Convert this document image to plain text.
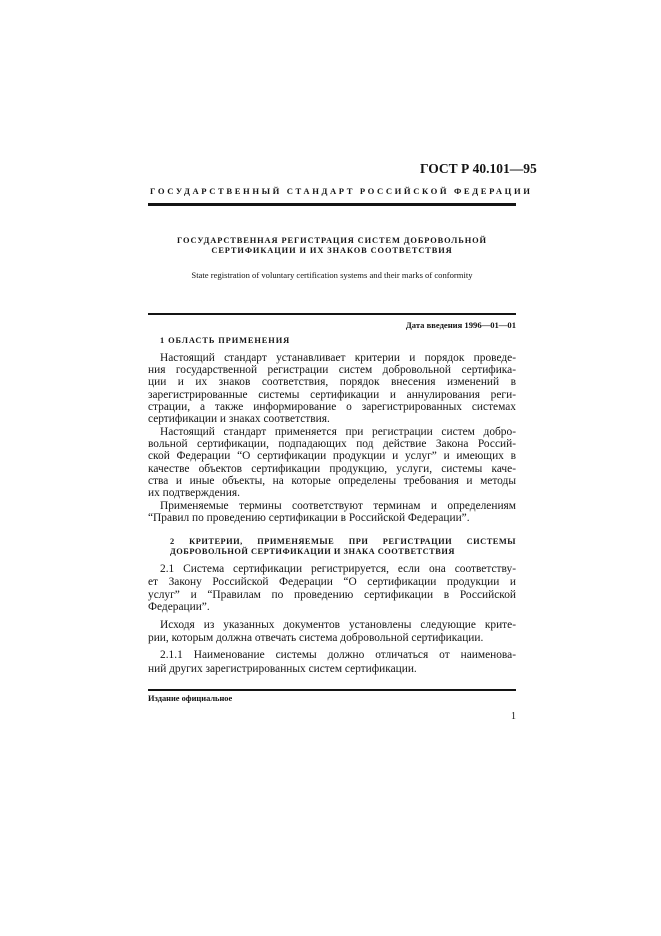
ГОСТ Р 40.101—95
ГОСУДАРСТВЕННЫЙ СТАНДАРТ РОССИЙСКОЙ ФЕДЕРАЦИИ
ГОСУДАРСТВЕННАЯ РЕГИСТРАЦИЯ СИСТЕМ ДОБРОВОЛЬНОЙ
СЕРТИФИКАЦИИ И ИХ ЗНАКОВ СООТВЕТСТВИЯ
State registration of voluntary certification systems and their marks of conformity
Дата введения 1996—01—01
1 ОБЛАСТЬ ПРИМЕНЕНИЯ
Настоящий стандарт устанавливает критерии и порядок проведе-
ния государственной регистрации систем добровольной сертифика-
ции и их знаков соответствия, порядок внесения изменений в
зарегистрированные системы сертификации и аннулирования реги-
страции, а также информирование о зарегистрированных системах
сертификации и знаках соответствия.
Настоящий стандарт применяется при регистрации систем добро-
вольной сертификации, подпадающих под действие Закона Россий-
ской Федерации “О сертификации продукции и услуг” и имеющих в
качестве объектов сертификации продукцию, услуги, системы каче-
ства и иные объекты, на которые определены требования и методы
их подтверждения.
Применяемые термины соответствуют терминам и определениям
“Правил по проведению сертификации в Российской Федерации”.
2 КРИТЕРИИ, ПРИМЕНЯЕМЫЕ ПРИ РЕГИСТРАЦИИ СИСТЕМЫ
ДОБРОВОЛЬНОЙ СЕРТИФИКАЦИИ И ЗНАКА СООТВЕТСТВИЯ
2.1 Система сертификации регистрируется, если она соответству-
ет Закону Российской Федерации “О сертификации продукции и
услуг” и “Правилам по проведению сертификации в Российской
Федерации”.
Исходя из указанных документов установлены следующие крите-
рии, которым должна отвечать система добровольной сертификации.
2.1.1 Наименование системы должно отличаться от наименова-
ний других зарегистрированных систем сертификации.
Издание официальное
1
